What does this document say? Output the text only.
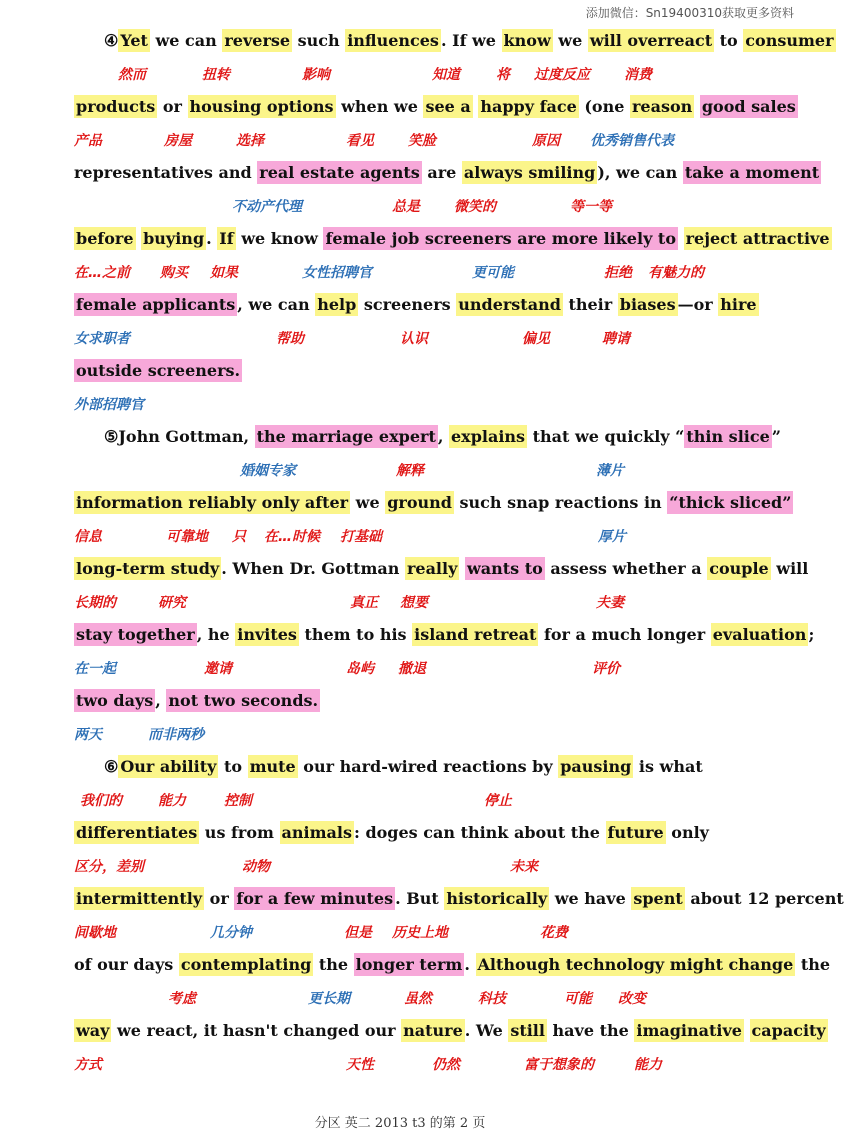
添加微信：Sn19400310获取更多资料
④ Yet we can reverse such influences . If we know we will overreact to consumer
products or housing options when we see a happy face (one reason good sales
representatives and real estate agents are always smiling ), we can take a moment
before buying . If we know female job screeners are more likely to reject attractive
female applicants , we can help screeners understand their biases —or hire
outside screeners.
⑤John Gottman, the marriage expert , explains that we quickly “ thin slice ”
information reliably only after we ground such snap reactions in “thick sliced”
long-term study . When Dr. Gottman really wants to assess whether a couple will
stay together , he invites them to his island retreat for a much longer evaluation ;
two days , not two seconds.
⑥ Our ability to mute our hard-wired reactions by pausing is what
differentiates us from animals : doges can think about the future only
intermittently or for a few minutes . But historically we have spent about 12 percent
of our days contemplating the longer term . Although technology might change the
way we react, it hasn't changed our nature . We still have the imaginative capacity
然而	扭转	影响	知道	将 过度反应 消费
产品	房屋	选择	看见 笑脸	原因 优秀销售代表
不动产代理	总是 微笑的	等一等
在…之前 购买 如果	女性招聘官	更可能	拒绝 有魅力的
女求职者	帮助	认识	偏见	聘请
外部招聘官
婚姻专家	解释	薄片
信息	可靠地 只 在…时候 打基础	厚片
长期的	研究	真正 想要	夫妻
在一起	邀请	岛屿 撤退	评价
两天	而非两秒
我们的	能力	控制	停止
区分，差别	动物	未来
间歇地	几分钟	但是 历史上地	花费
考虑	更长期	虽然	科技	可能 改变
方式	天性	仍然	富于想象的	能力
分区 英二 2013 t3 的第 2 页
